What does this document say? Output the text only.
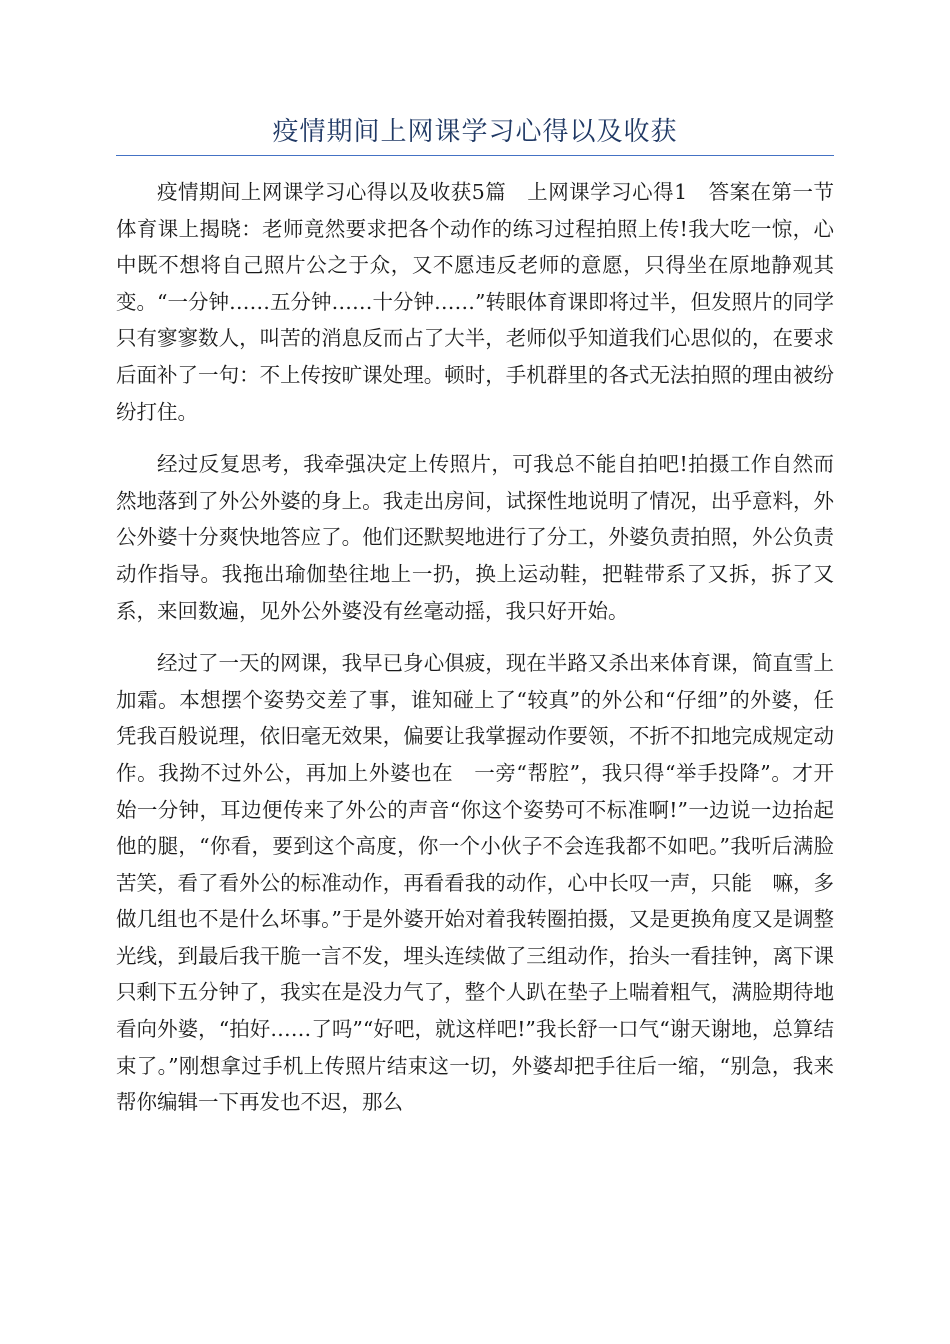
疫情期间上网课学习心得以及收获

疫情期间上网课学习心得以及收获5篇　上网课学习心得1　答案在第一节体育课上揭晓：老师竟然要求把各个动作的练习过程拍照上传!我大吃一惊，心中既不想将自己照片公之于众，又不愿违反老师的意愿，只得坐在原地静观其变。“一分钟……五分钟……十分钟……”转眼体育课即将过半，但发照片的同学只有寥寥数人，叫苦的消息反而占了大半，老师似乎知道我们心思似的，在要求后面补了一句：不上传按旷课处理。顿时，手机群里的各式无法拍照的理由被纷纷打住。

经过反复思考，我牵强决定上传照片，可我总不能自拍吧!拍摄工作自然而然地落到了外公外婆的身上。我走出房间，试探性地说明了情况，出乎意料，外公外婆十分爽快地答应了。他们还默契地进行了分工，外婆负责拍照，外公负责动作指导。我拖出瑜伽垫往地上一扔，换上运动鞋，把鞋带系了又拆，拆了又系，来回数遍，见外公外婆没有丝毫动摇，我只好开始。

经过了一天的网课，我早已身心俱疲，现在半路又杀出来体育课，简直雪上加霜。本想摆个姿势交差了事，谁知碰上了“较真”的外公和“仔细”的外婆，任凭我百般说理，依旧毫无效果，偏要让我掌握动作要领，不折不扣地完成规定动作。我拗不过外公，再加上外婆也在　一旁“帮腔”，我只得“举手投降”。才开始一分钟，耳边便传来了外公的声音“你这个姿势可不标准啊!”一边说一边抬起他的腿，“你看，要到这个高度，你一个小伙子不会连我都不如吧。”我听后满脸苦笑，看了看外公的标准动作，再看看我的动作，心中长叹一声，只能　嘛，多做几组也不是什么坏事。”于是外婆开始对着我转圈拍摄，又是更换角度又是调整光线，到最后我干脆一言不发，埋头连续做了三组动作，抬头一看挂钟，离下课只剩下五分钟了，我实在是没力气了，整个人趴在垫子上喘着粗气，满脸期待地看向外婆，“拍好……了吗”“好吧，就这样吧!”我长舒一口气“谢天谢地，总算结束了。”刚想拿过手机上传照片结束这一切，外婆却把手往后一缩，“别急，我来帮你编辑一下再发也不迟，那么
